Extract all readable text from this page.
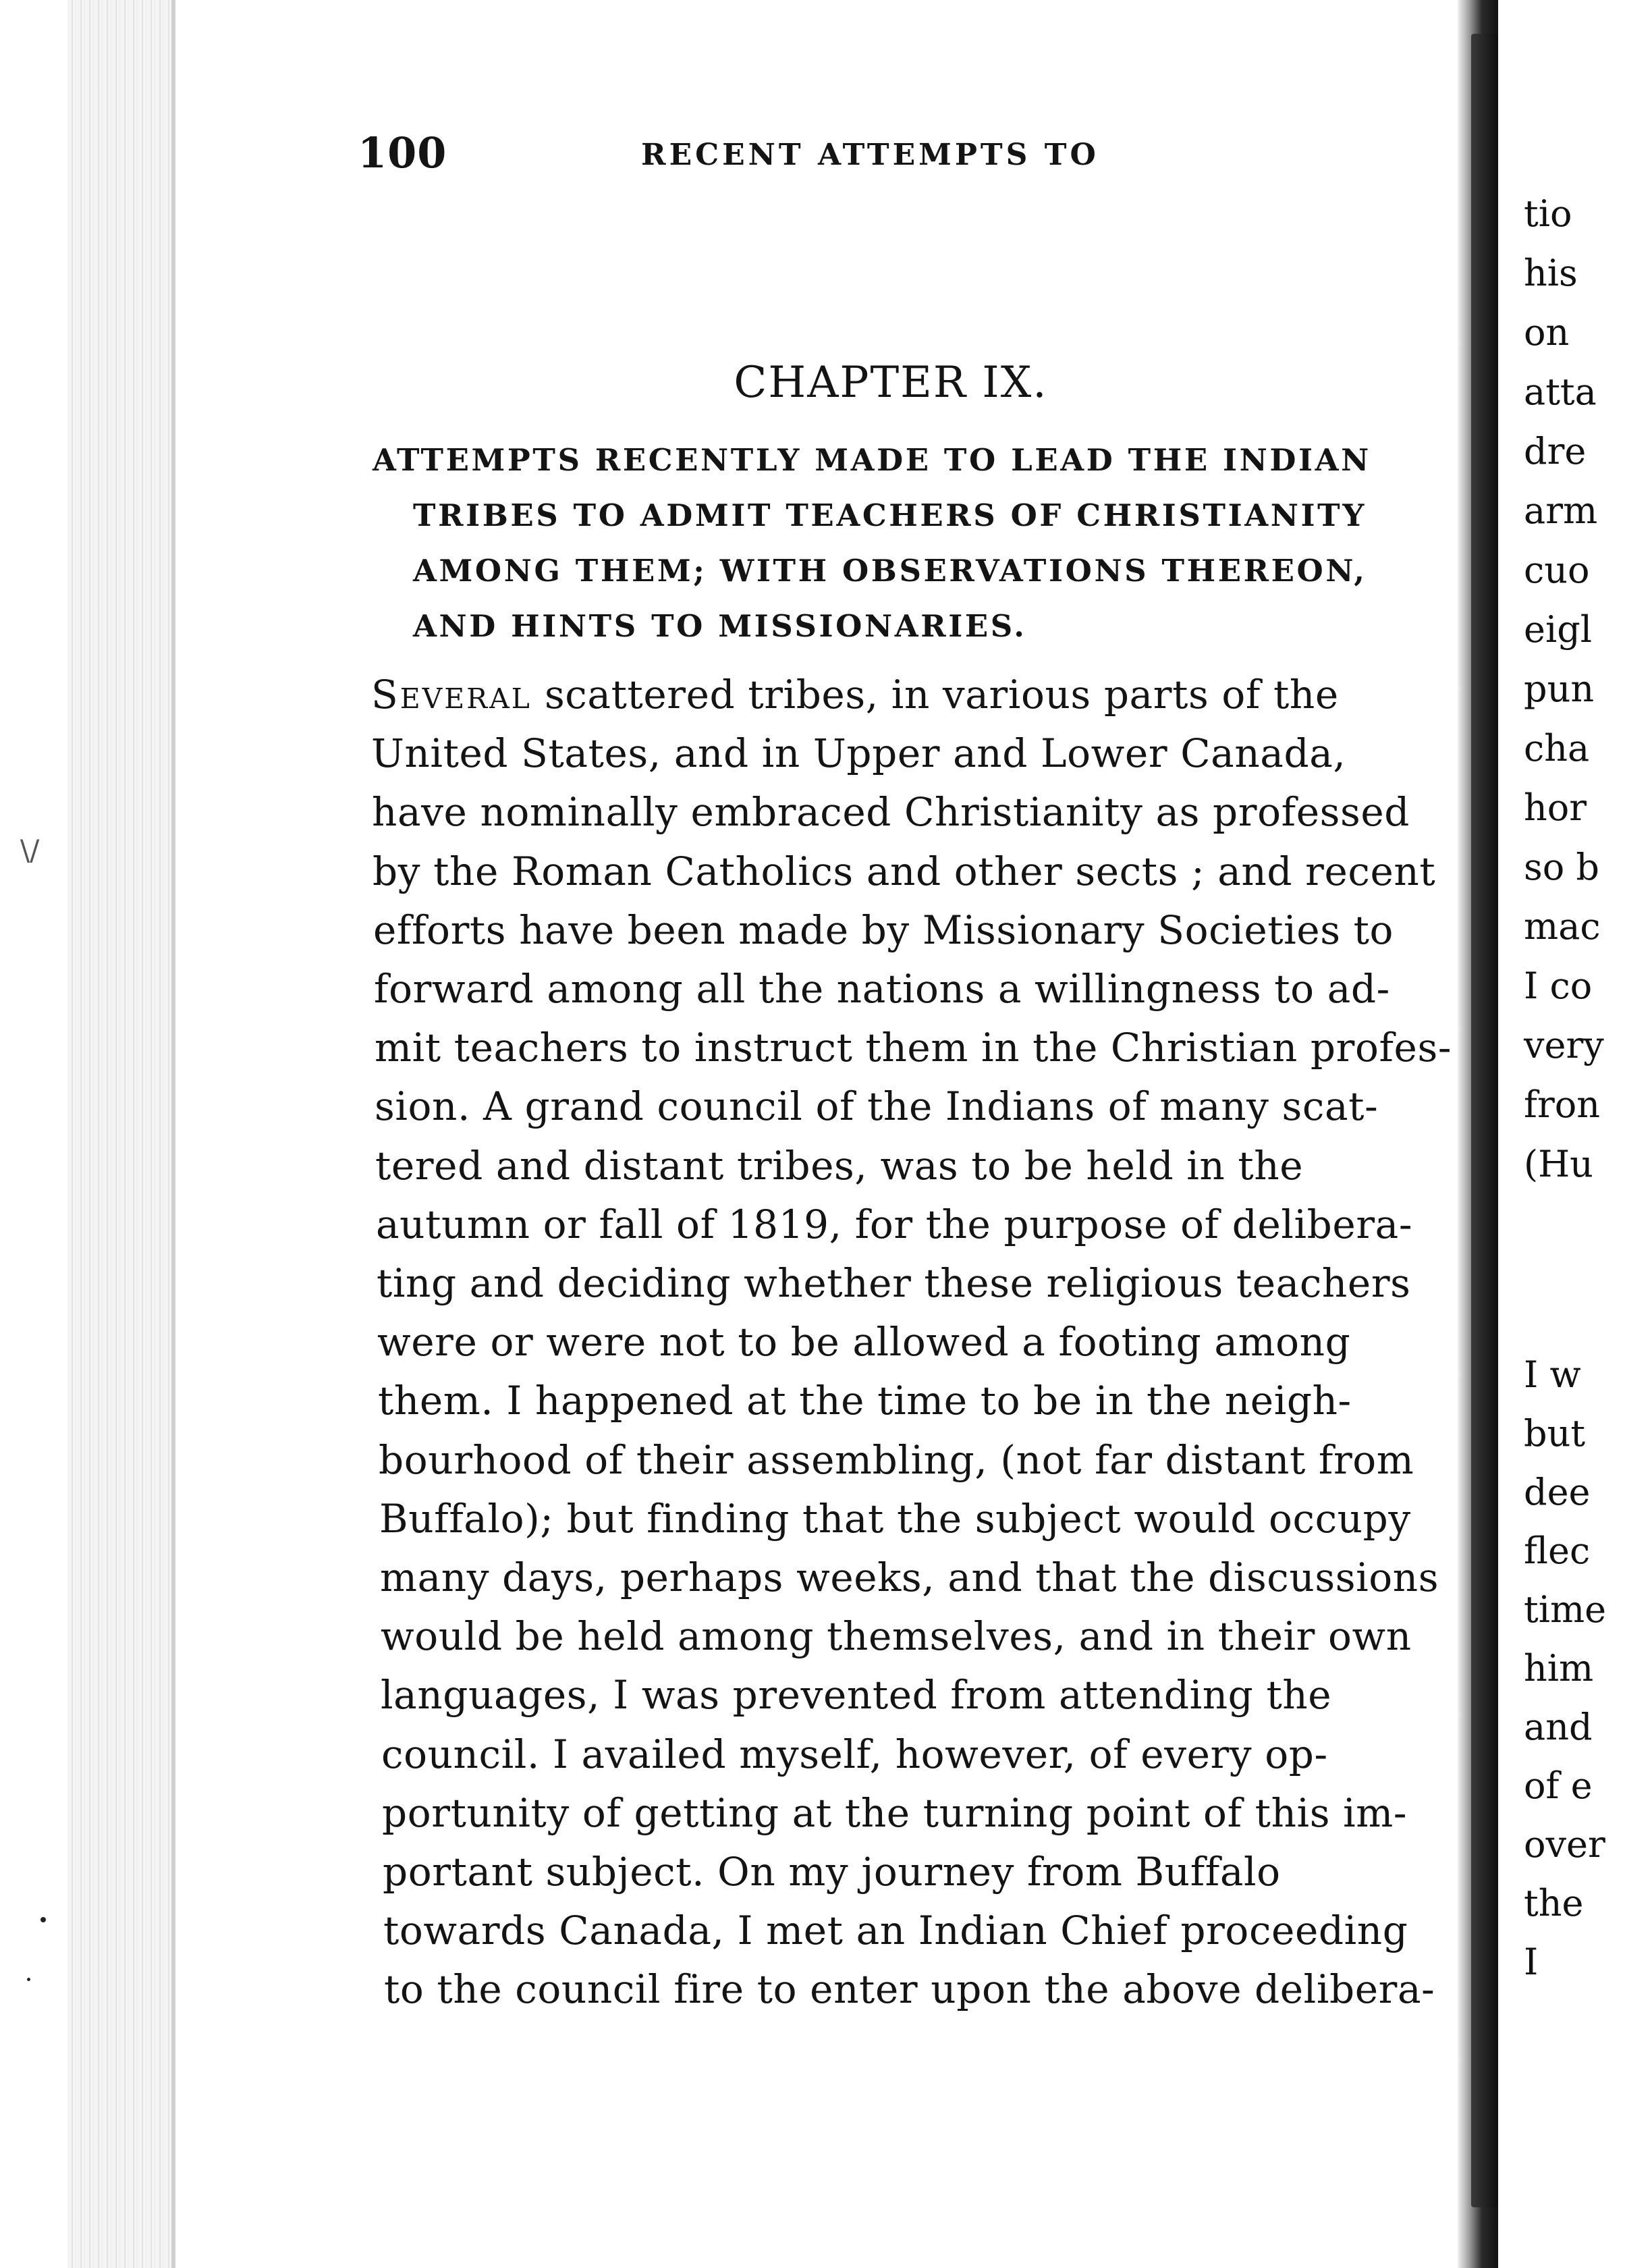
\/
tio
his
on
atta
dre
arm
cuo
eigl
pun
cha
hor
so b
mac
I co
very
fron
(Hu
I w
but
dee
flec
time
him
and
of e
over
the
I
100	RECENT ATTEMPTS TO
CHAPTER IX.
ATTEMPTS RECENTLY MADE TO LEAD THE INDIAN
TRIBES TO ADMIT TEACHERS OF CHRISTIANITY
AMONG THEM; WITH OBSERVATIONS THEREON,
AND HINTS TO MISSIONARIES.
Several scattered tribes, in various parts of the
United States, and in Upper and Lower Canada,
have nominally embraced Christianity as professed
by the Roman Catholics and other sects ; and recent
efforts have been made by Missionary Societies to
forward among all the nations a willingness to ad-
mit teachers to instruct them in the Christian profes-
sion. A grand council of the Indians of many scat-
tered and distant tribes, was to be held in the
autumn or fall of 1819, for the purpose of delibera-
ting and deciding whether these religious teachers
were or were not to be allowed a footing among
them. I happened at the time to be in the neigh-
bourhood of their assembling, (not far distant from
Buffalo); but finding that the subject would occupy
many days, perhaps weeks, and that the discussions
would be held among themselves, and in their own
languages, I was prevented from attending the
council. I availed myself, however, of every op-
portunity of getting at the turning point of this im-
portant subject. On my journey from Buffalo
towards Canada, I met an Indian Chief proceeding
to the council fire to enter upon the above delibera-
